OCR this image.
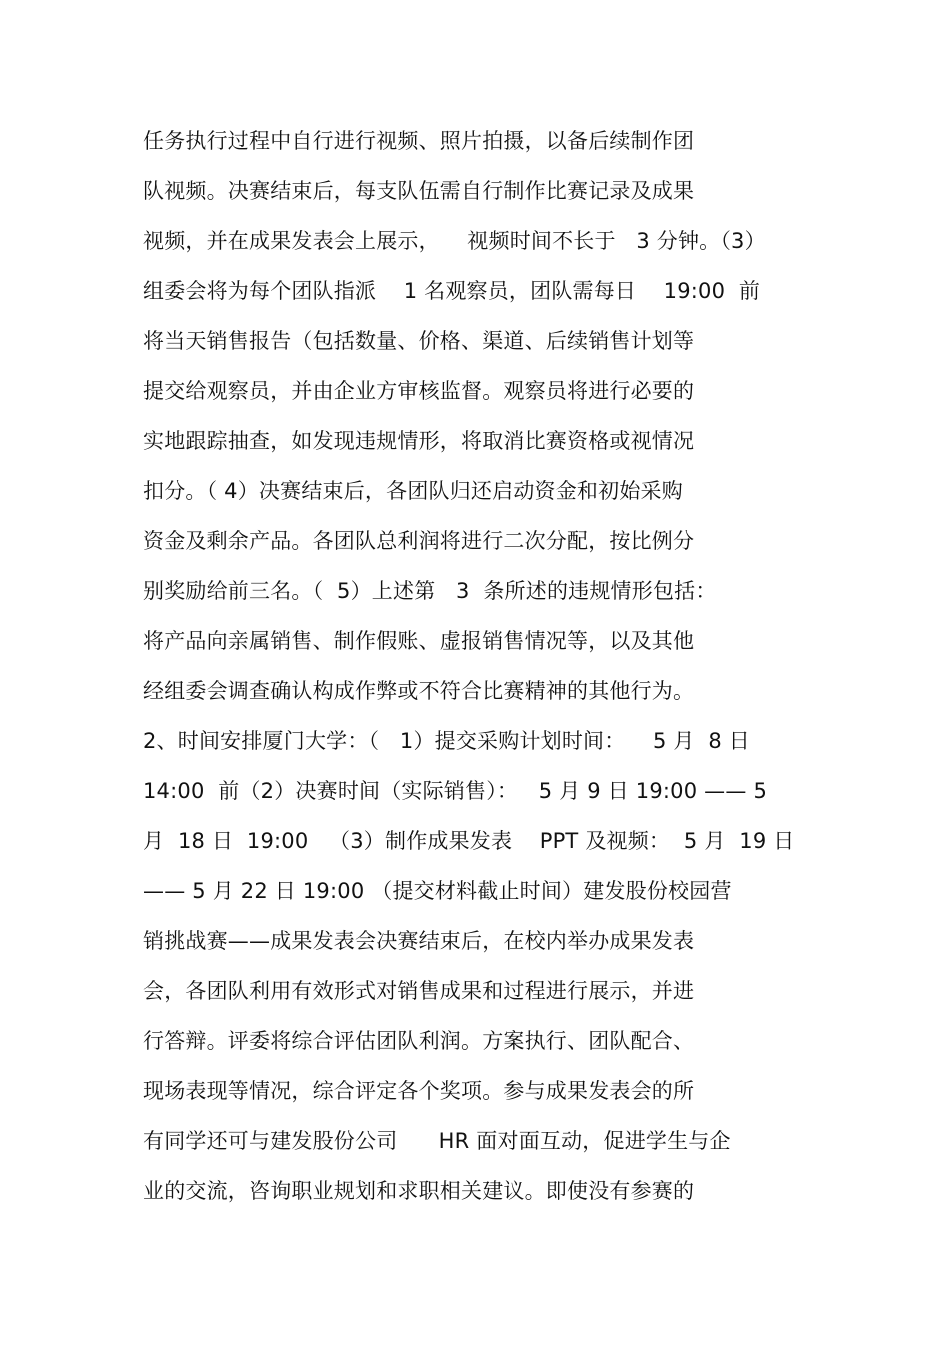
任务执行过程中自行进行视频、照片拍摄，以备后续制作团
队视频。决赛结束后，每支队伍需自行制作比赛记录及成果
视频，并在成果发表会上展示，    视频时间不长于   3 分钟。（3）
组委会将为每个团队指派    1 名观察员，团队需每日    19:00  前
将当天销售报告（包括数量、价格、渠道、后续销售计划等
提交给观察员，并由企业方审核监督。观察员将进行必要的
实地跟踪抽查，如发现违规情形，将取消比赛资格或视情况
扣分。（ 4）决赛结束后，各团队归还启动资金和初始采购
资金及剩余产品。各团队总利润将进行二次分配，按比例分
别奖励给前三名。（  5）上述第   3  条所述的违规情形包括：
将产品向亲属销售、制作假账、虚报销售情况等，以及其他
经组委会调查确认构成作弊或不符合比赛精神的其他行为。
2、时间安排厦门大学：（   1）提交采购计划时间：    5 月  8 日
14:00  前（2）决赛时间（实际销售）：   5 月 9 日 19:00 —— 5
月  18 日  19:00   （3）制作成果发表    PPT 及视频：  5 月  19 日
—— 5 月 22 日 19:00 （提交材料截止时间）建发股份校园营
销挑战赛——成果发表会决赛结束后，在校内举办成果发表
会，各团队利用有效形式对销售成果和过程进行展示，并进
行答辩。评委将综合评估团队利润。方案执行、团队配合、
现场表现等情况，综合评定各个奖项。参与成果发表会的所
有同学还可与建发股份公司      HR 面对面互动，促进学生与企
业的交流，咨询职业规划和求职相关建议。即使没有参赛的
